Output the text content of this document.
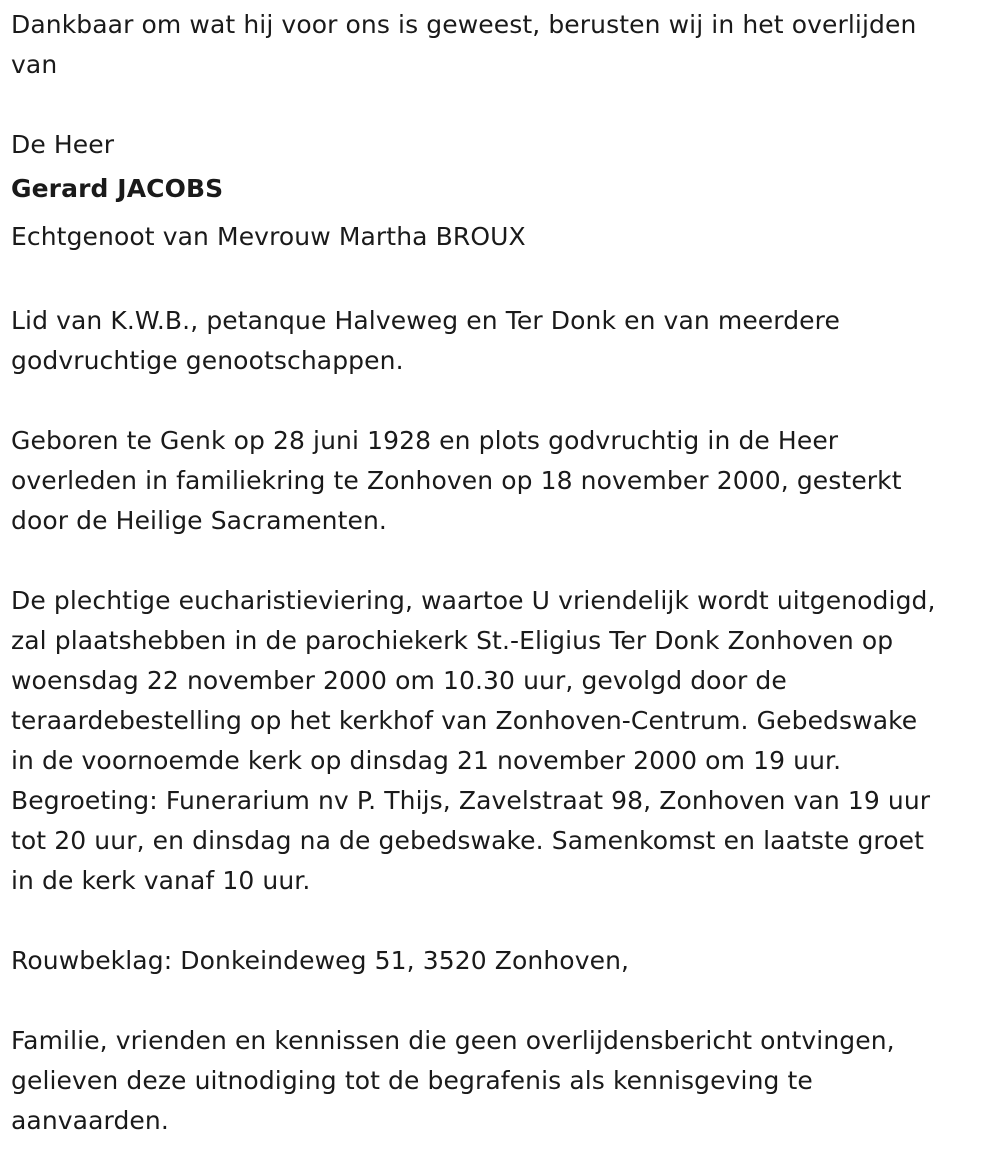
Dankbaar om wat hij voor ons is geweest, berusten wij in het overlijden
van
De Heer
Gerard JACOBS
Echtgenoot van Mevrouw Martha BROUX
Lid van K.W.B., petanque Halveweg en Ter Donk en van meerdere
godvruchtige genootschappen.
Geboren te Genk op 28 juni 1928 en plots godvruchtig in de Heer
overleden in familiekring te Zonhoven op 18 november 2000, gesterkt
door de Heilige Sacramenten.
De plechtige eucharistieviering, waartoe U vriendelijk wordt uitgenodigd,
zal plaatshebben in de parochiekerk St.-Eligius Ter Donk Zonhoven op
woensdag 22 november 2000 om 10.30 uur, gevolgd door de
teraardebestelling op het kerkhof van Zonhoven-Centrum. Gebedswake
in de voornoemde kerk op dinsdag 21 november 2000 om 19 uur.
Begroeting: Funerarium nv P. Thijs, Zavelstraat 98, Zonhoven van 19 uur
tot 20 uur, en dinsdag na de gebedswake. Samenkomst en laatste groet
in de kerk vanaf 10 uur.
Rouwbeklag: Donkeindeweg 51, 3520 Zonhoven,
Familie, vrienden en kennissen die geen overlijdensbericht ontvingen,
gelieven deze uitnodiging tot de begrafenis als kennisgeving te
aanvaarden.
